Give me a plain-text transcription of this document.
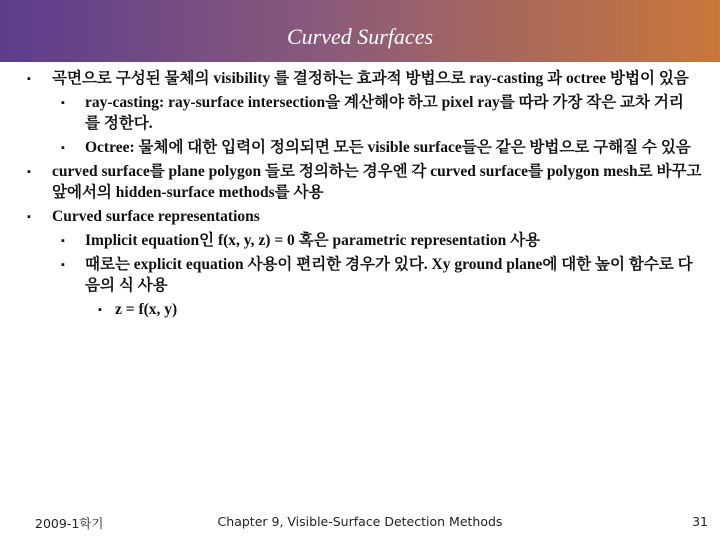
Curved Surfaces
▪ 곡면으로 구성된 물체의 visibility 를 결정하는 효과적 방법으로 ray-casting 과 octree 방법이 있음
▪ ray-casting: ray-surface intersection을 계산해야 하고 pixel ray를 따라 가장 작은 교차 거리를 정한다.
▪ Octree: 물체에 대한 입력이 정의되면 모든 visible surface들은 같은 방법으로 구해질 수 있음
▪ curved surface를 plane polygon 들로 정의하는 경우엔 각 curved surface를 polygon mesh로 바꾸고 앞에서의 hidden-surface methods를 사용
▪ Curved surface representations
▪ Implicit equation인 f(x, y, z) = 0 혹은 parametric representation 사용
▪ 때로는 explicit equation 사용이 편리한 경우가 있다. Xy ground plane에 대한 높이 함수로 다음의 식 사용
▪ z = f(x, y)
2009-1학기	Chapter 9, Visible-Surface Detection Methods	31
